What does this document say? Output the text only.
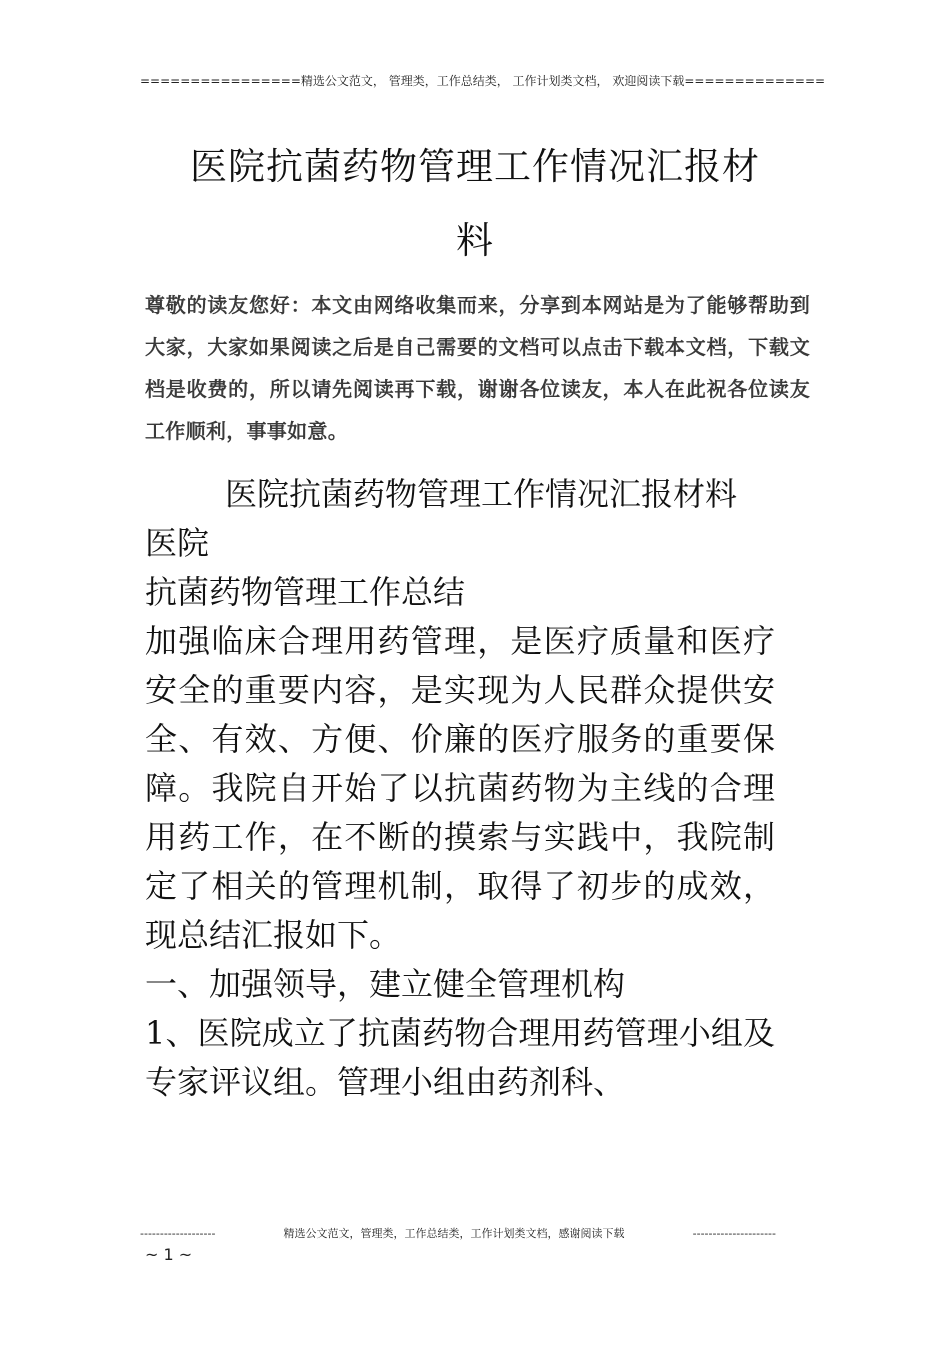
================ 精选公文范文， 管理类，工作总结类， 工作计划类文档， 欢迎阅读下载 ==============
医院抗菌药物管理工作情况汇报材
料
尊敬的读友您好：本文由网络收集而来，分享到本网站是为了能够帮助到大家，大家如果阅读之后是自己需要的文档可以点击下载本文档，下载文档是收费的，所以请先阅读再下载，谢谢各位读友，本人在此祝各位读友工作顺利，事事如意。

医院抗菌药物管理工作情况汇报材料

医院

抗菌药物管理工作总结

加强临床合理用药管理，是医疗质量和医疗安全的重要内容，是实现为人民群众提供安全、有效、方便、价廉的医疗服务的重要保障。我院自开始了以抗菌药物为主线的合理用药工作，在不断的摸索与实践中，我院制定了相关的管理机制，取得了初步的成效，现总结汇报如下。

一、加强领导，建立健全管理机构

1、医院成立了抗菌药物合理用药管理小组及专家评议组。管理小组由药剂科、

-------------------	精选公文范文，管理类，工作总结类，工作计划类文档，感谢阅读下载	---------------------
~ 1 ~
